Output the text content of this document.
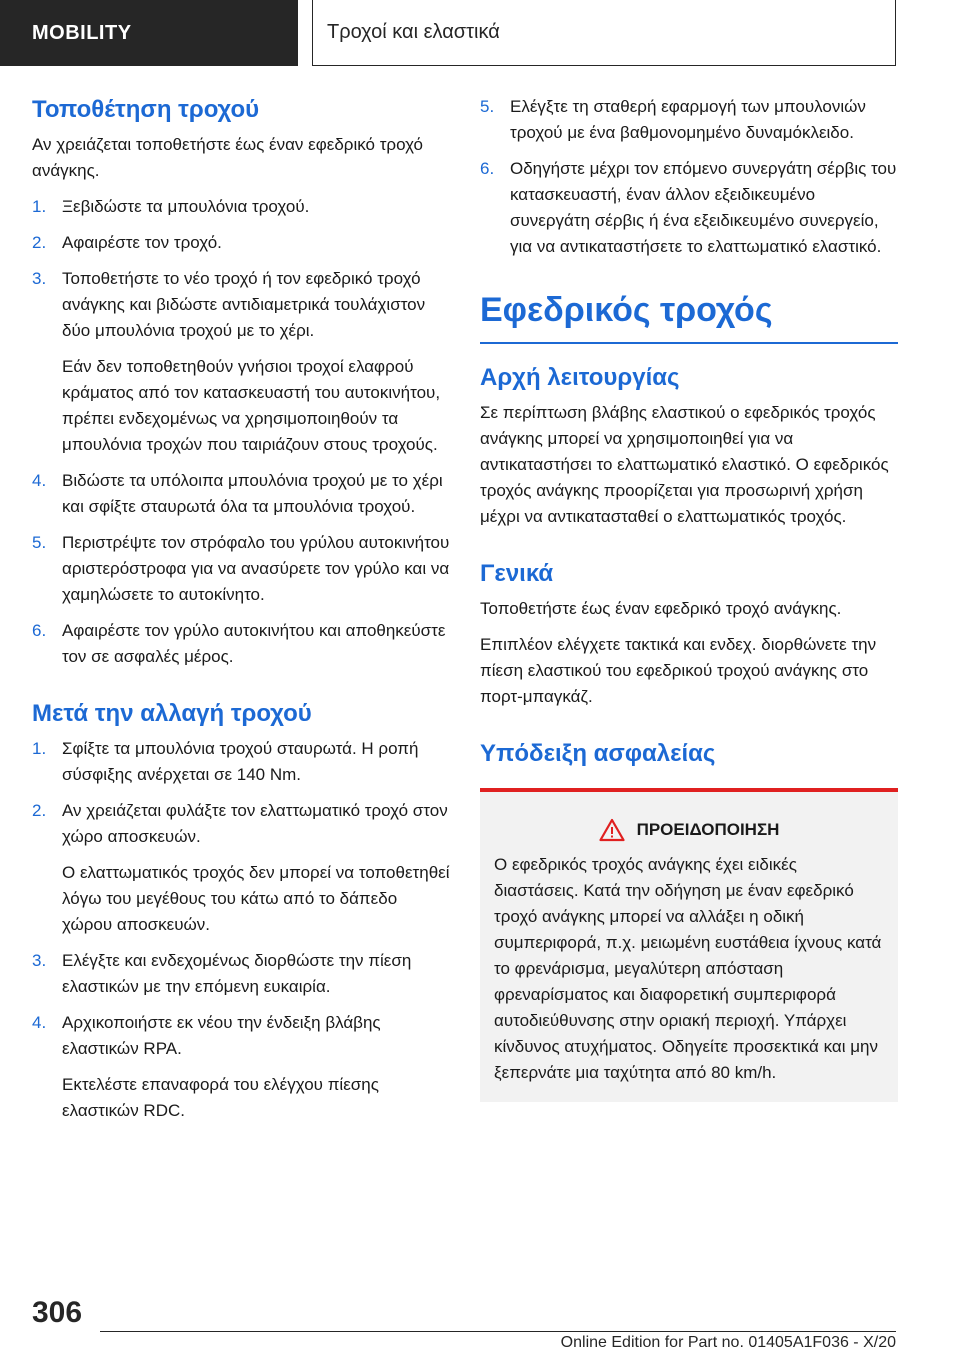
MOBILITY	Τροχοί και ελαστικά
Τοποθέτηση τροχού

Αν χρειάζεται τοποθετήστε έως έναν εφεδρικό τροχό ανάγκης.

1. Ξεβιδώστε τα μπουλόνια τροχού.
2. Αφαιρέστε τον τροχό.
3. Τοποθετήστε το νέο τροχό ή τον εφεδρικό τροχό ανάγκης και βιδώστε αντιδιαμετρικά τουλάχιστον δύο μπουλόνια τροχού με το χέρι.

Εάν δεν τοποθετηθούν γνήσιοι τροχοί ελαφρού κράματος από τον κατασκευαστή του αυτοκινήτου, πρέπει ενδεχομένως να χρησιμοποιηθούν τα μπουλόνια τροχών που ταιριάζουν στους τροχούς.

4. Βιδώστε τα υπόλοιπα μπουλόνια τροχού με το χέρι και σφίξτε σταυρωτά όλα τα μπουλόνια τροχού.
5. Περιστρέψτε τον στρόφαλο του γρύλου αυτοκινήτου αριστερόστροφα για να ανασύρετε τον γρύλο και να χαμηλώσετε το αυτοκίνητο.
6. Αφαιρέστε τον γρύλο αυτοκινήτου και αποθηκεύστε τον σε ασφαλές μέρος.
Μετά την αλλαγή τροχού
1. Σφίξτε τα μπουλόνια τροχού σταυρωτά. Η ροπή σύσφιξης ανέρχεται σε 140 Nm.
2. Αν χρειάζεται φυλάξτε τον ελαττωματικό τροχό στον χώρο αποσκευών.

Ο ελαττωματικός τροχός δεν μπορεί να τοποθετηθεί λόγω του μεγέθους του κάτω από το δάπεδο χώρου αποσκευών.

3. Ελέγξτε και ενδεχομένως διορθώστε την πίεση ελαστικών με την επόμενη ευκαιρία.
4. Αρχικοποιήστε εκ νέου την ένδειξη βλάβης ελαστικών RPA.

Εκτελέστε επαναφορά του ελέγχου πίεσης ελαστικών RDC.

5. Ελέγξτε τη σταθερή εφαρμογή των μπουλονιών τροχού με ένα βαθμονομημένο δυναμόκλειδο.
6. Οδηγήστε μέχρι τον επόμενο συνεργάτη σέρβις του κατασκευαστή, έναν άλλον εξειδικευμένο συνεργάτη σέρβις ή ένα εξειδικευμένο συνεργείο, για να αντικαταστήσετε το ελαττωματικό ελαστικό.
Εφεδρικός τροχός
Αρχή λειτουργίας

Σε περίπτωση βλάβης ελαστικού ο εφεδρικός τροχός ανάγκης μπορεί να χρησιμοποιηθεί για να αντικαταστήσει το ελαττωματικό ελαστικό. Ο εφεδρικός τροχός ανάγκης προορίζεται για προσωρινή χρήση μέχρι να αντικατασταθεί ο ελαττωματικός τροχός.

Γενικά

Τοποθετήστε έως έναν εφεδρικό τροχό ανάγκης.

Επιπλέον ελέγχετε τακτικά και ενδεχ. διορθώνετε την πίεση ελαστικού του εφεδρικού τροχού ανάγκης στο πορτ-μπαγκάζ.

Υπόδειξη ασφαλείας
ΠΡΟΕΙΔΟΠΟΙΗΣΗ

Ο εφεδρικός τροχός ανάγκης έχει ειδικές διαστάσεις. Κατά την οδήγηση με έναν εφεδρικό τροχό ανάγκης μπορεί να αλλάξει η οδική συμπεριφορά, π.χ. μειωμένη ευστάθεια ίχνους κατά το φρενάρισμα, μεγαλύτερη απόσταση φρεναρίσματος και διαφορετική συμπεριφορά αυτοδιεύθυνσης στην οριακή περιοχή. Υπάρχει κίνδυνος ατυχήματος. Οδηγείτε προσεκτικά και μην ξεπερνάτε μια ταχύτητα από 80 km/h.

306
Online Edition for Part no. 01405A1F036 - X/20
